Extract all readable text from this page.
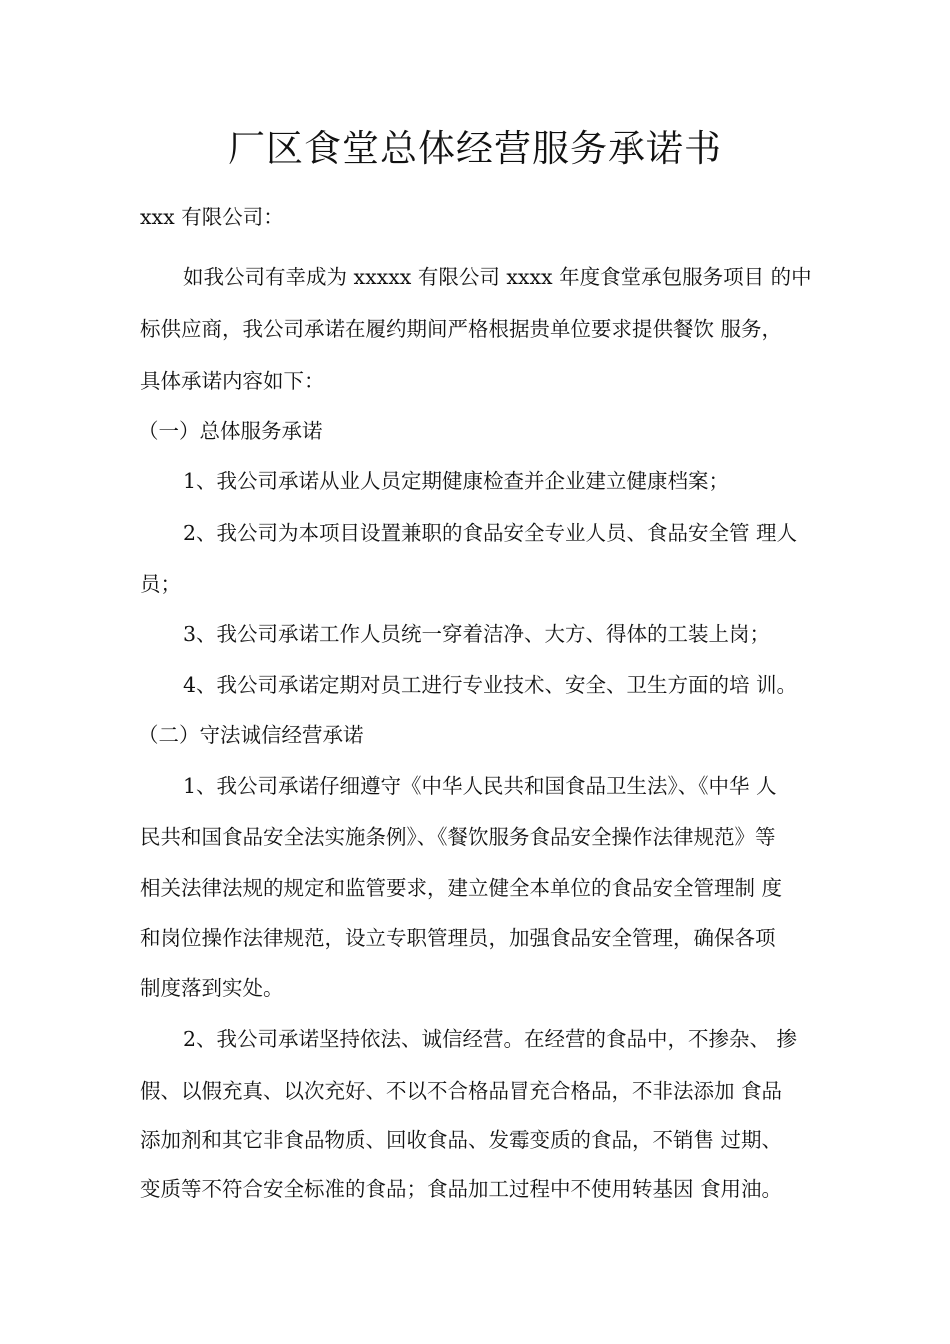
厂区食堂总体经营服务承诺书

xxx 有限公司：

如我公司有幸成为 xxxxx 有限公司 xxxx 年度食堂承包服务项目 的中

标供应商，我公司承诺在履约期间严格根据贵单位要求提供餐饮 服务，

具体承诺内容如下：

（一）总体服务承诺

1、我公司承诺从业人员定期健康检查并企业建立健康档案；

2、我公司为本项目设置兼职的食品安全专业人员、食品安全管 理人

员；

3、我公司承诺工作人员统一穿着洁净、大方、得体的工装上岗；

4、我公司承诺定期对员工进行专业技术、安全、卫生方面的培 训。

（二）守法诚信经营承诺

1、我公司承诺仔细遵守《中华人民共和国食品卫生法》、《中华 人

民共和国食品安全法实施条例》、《餐饮服务食品安全操作法律规范》等

相关法律法规的规定和监管要求，建立健全本单位的食品安全管理制 度

和岗位操作法律规范，设立专职管理员，加强食品安全管理，确保各项

制度落到实处。

2、我公司承诺坚持依法、诚信经营。在经营的食品中，不掺杂、 掺

假、以假充真、以次充好、不以不合格品冒充合格品，不非法添加 食品

添加剂和其它非食品物质、回收食品、发霉变质的食品，不销售 过期、

变质等不符合安全标准的食品；食品加工过程中不使用转基因 食用油。
